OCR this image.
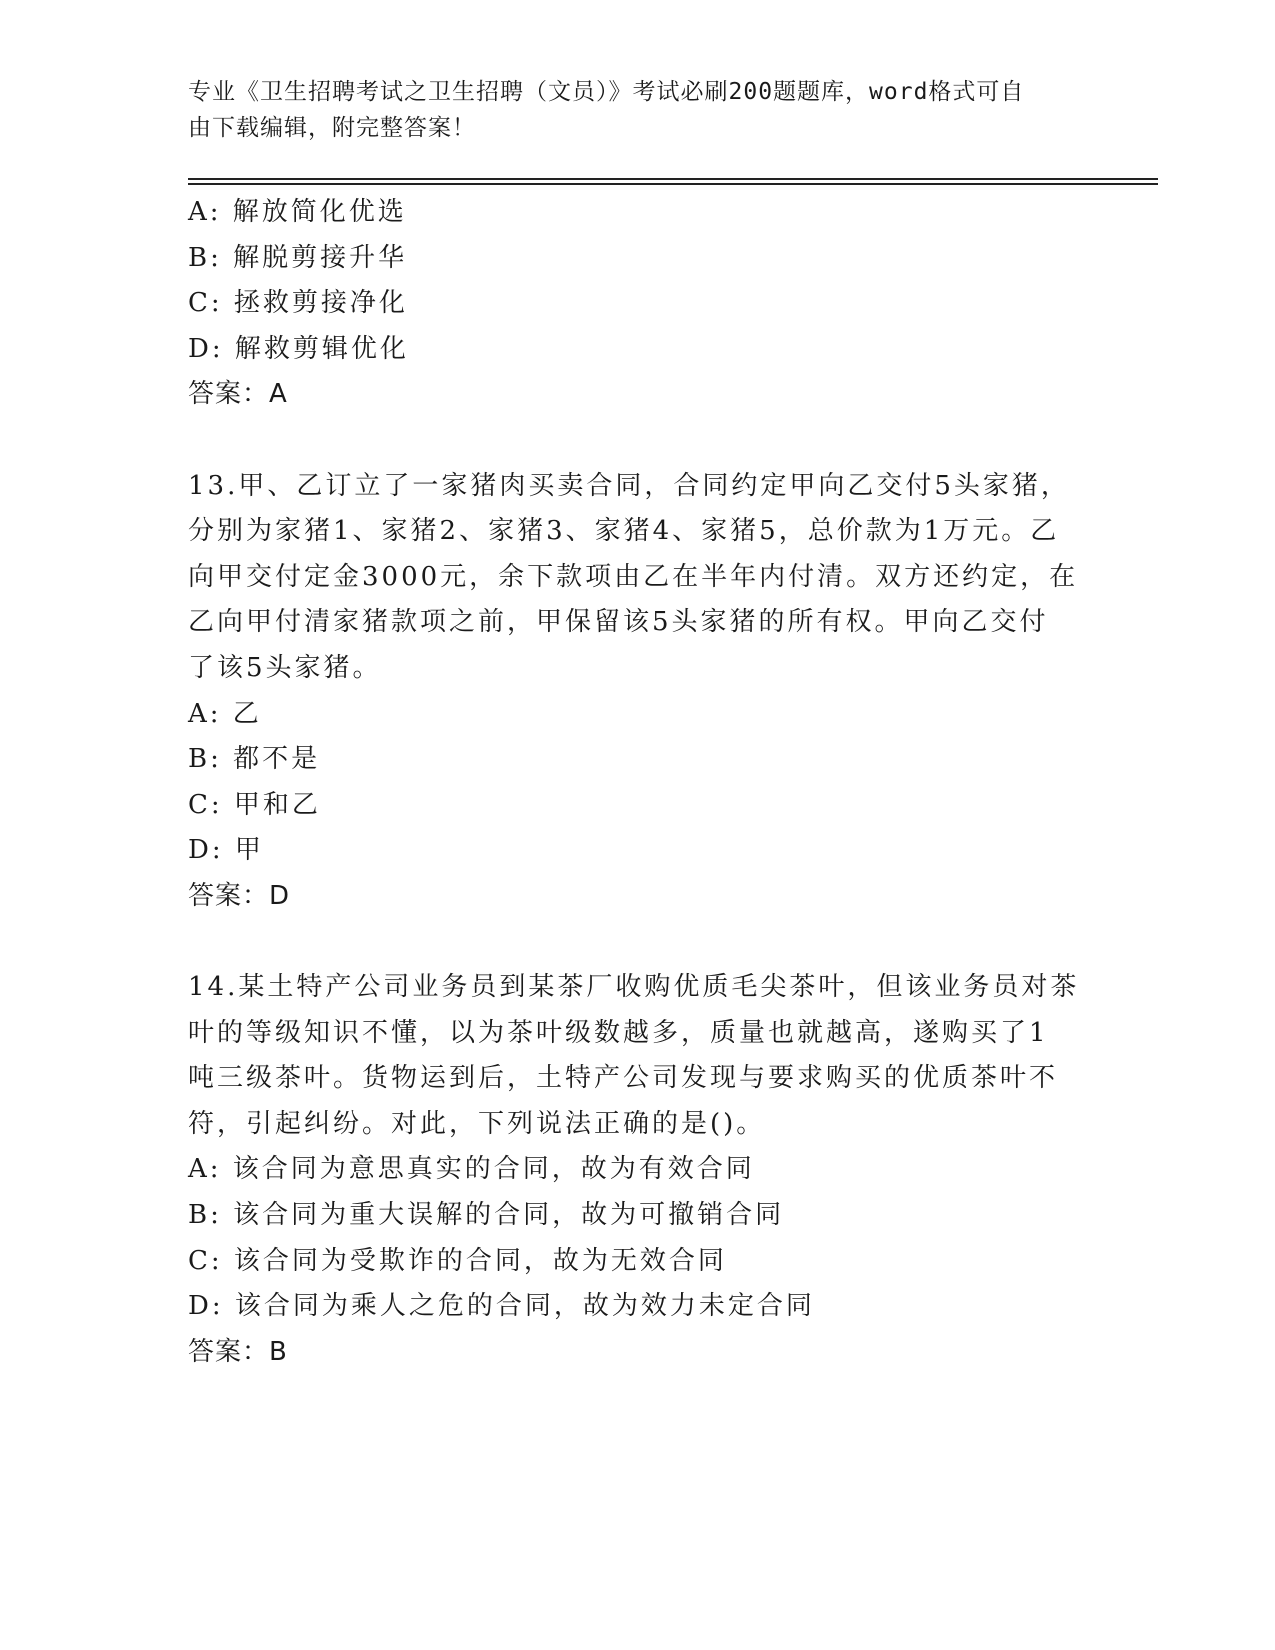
专业《卫生招聘考试之卫生招聘（文员）》考试必刷200题题库，word格式可自
由下载编辑，附完整答案！
A: 解放简化优选
B: 解脱剪接升华
C: 拯救剪接净化
D: 解救剪辑优化
答案：A
13.甲、乙订立了一家猪肉买卖合同，合同约定甲向乙交付5头家猪，
分别为家猪1、家猪2、家猪3、家猪4、家猪5，总价款为1万元。乙
向甲交付定金3000元，余下款项由乙在半年内付清。双方还约定，在
乙向甲付清家猪款项之前，甲保留该5头家猪的所有权。甲向乙交付
了该5头家猪。
A: 乙
B: 都不是
C: 甲和乙
D: 甲
答案：D
14.某土特产公司业务员到某茶厂收购优质毛尖茶叶，但该业务员对茶
叶的等级知识不懂，以为茶叶级数越多，质量也就越高，遂购买了1
吨三级茶叶。货物运到后，土特产公司发现与要求购买的优质茶叶不
符，引起纠纷。对此，下列说法正确的是()。
A: 该合同为意思真实的合同，故为有效合同
B: 该合同为重大误解的合同，故为可撤销合同
C: 该合同为受欺诈的合同，故为无效合同
D: 该合同为乘人之危的合同，故为效力未定合同
答案：B
